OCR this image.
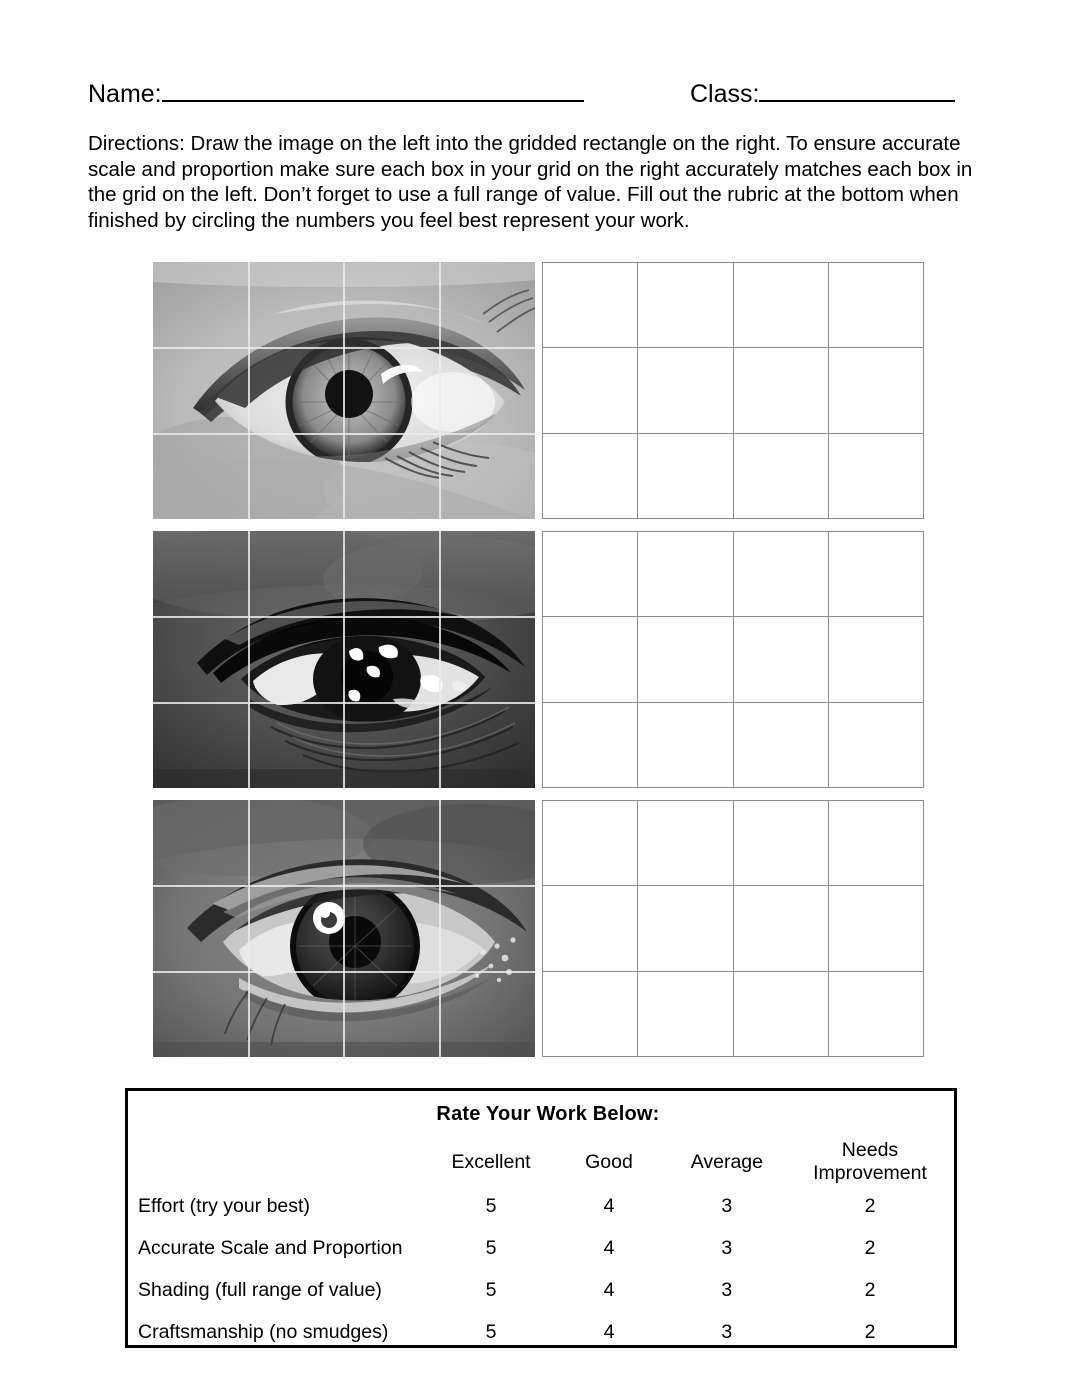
Name:	Class:
Directions: Draw the image on the left into the gridded rectangle on the right. To ensure accurate scale and proportion make sure each box in your grid on the right accurately matches each box in the grid on the left. Don’t forget to use a full range of value. Fill out the rubric at the bottom when finished by circling the numbers you feel best represent your work.
Rate Your Work Below:
	Excellent	Good	Average	Needs Improvement
Effort (try your best)	5	4	3	2
Accurate Scale and Proportion	5	4	3	2
Shading (full range of value)	5	4	3	2
Craftsmanship (no smudges)	5	4	3	2
